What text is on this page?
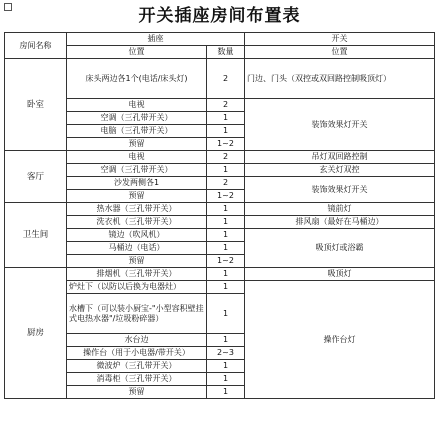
开关插座房间布置表			
房间名称	插座		开关
	位置	数量	位置
卧室	床头两边各1个(电话/床头灯)	2	门边、门头（双控或双回路控制吸顶灯）
	电视	2	装饰效果灯开关
	空调（三孔带开关）	1	
	电脑（三孔带开关）	1	
	预留	1~2	
客厅	电视	2	吊灯双回路控制
	空调（三孔带开关）	1	玄关灯双控
	沙发两侧各1	2	装饰效果灯开关
	预留	1~2	
卫生间	热水器（三孔带开关）	1	镜前灯
	洗衣机（三孔带开关）	1	排风扇（最好在马桶边）
	镜边（吹风机）	1	吸顶灯或浴霸
	马桶边（电话）	1	
	预留	1~2	
厨房	排烟机（三孔带开关）	1	吸顶灯
	炉灶下（以防以后换为电器灶）	1	操作台灯
	水槽下（可以装小厨宝-"小型容积壁挂式电热水器"/垃圾粉碎器）	1	
	水台边	1	
	操作台（用于小电器/带开关）	2~3	
	微波炉（三孔带开关）	1	
	消毒柜（三孔带开关）	1	
	预留	1	
